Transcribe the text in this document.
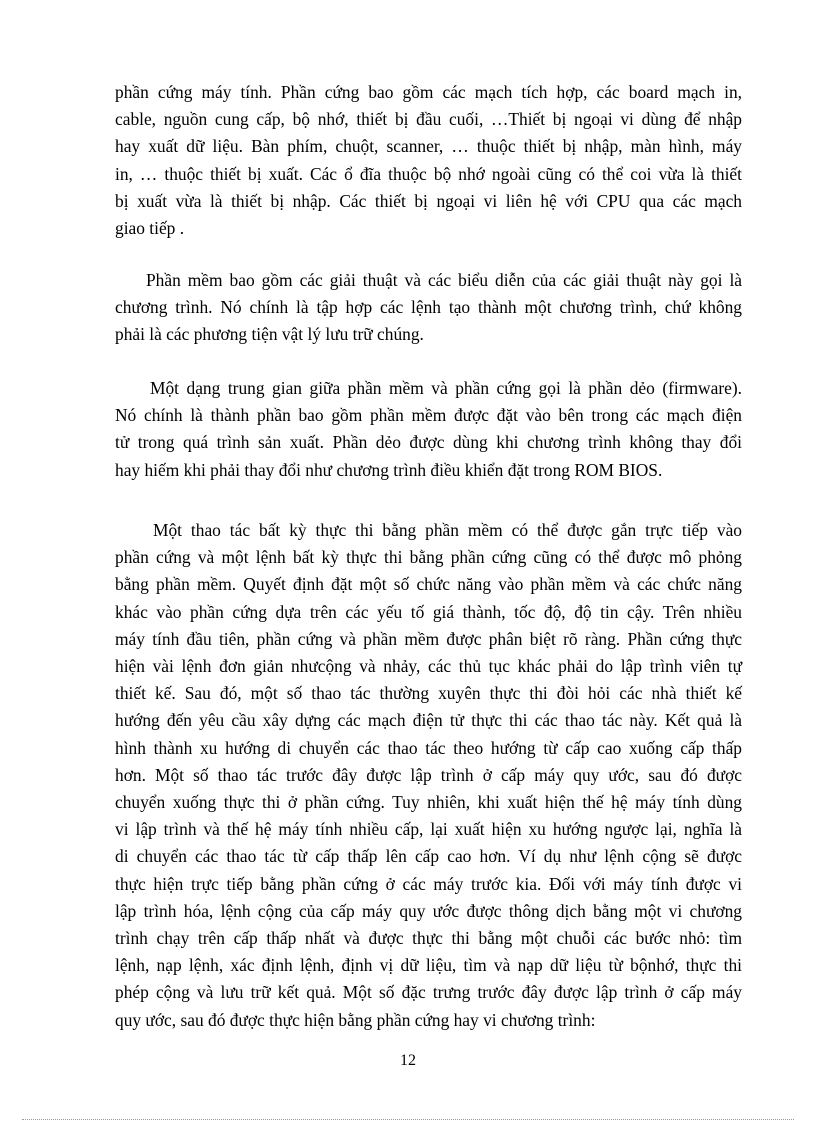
phần cứng máy tính. Phần cứng bao gồm các mạch tích hợp, các board mạch in,
cable, nguồn cung cấp, bộ nhớ, thiết bị đầu cuối, …Thiết bị ngoại vi dùng để nhập
hay xuất dữ liệu. Bàn phím, chuột, scanner, … thuộc thiết bị nhập, màn hình, máy
in, … thuộc thiết bị xuất. Các ổ đĩa thuộc bộ nhớ ngoài cũng có thể coi vừa là thiết
bị xuất vừa là thiết bị nhập. Các thiết bị ngoại vi liên hệ với CPU qua các mạch
giao tiếp .

Phần mềm bao gồm các giải thuật và các biểu diễn của các giải thuật này gọi là
chương trình. Nó chính là tập hợp các lệnh tạo thành một chương trình, chứ không
phải là các phương tiện vật lý lưu trữ chúng.

Một dạng trung gian giữa phần mềm và phần cứng gọi là phần dẻo (firmware).
Nó chính là thành phần bao gồm phần mềm được đặt vào bên trong các mạch điện
tử trong quá trình sản xuất. Phần dẻo được dùng khi chương trình không thay đổi
hay hiếm khi phải thay đổi như chương trình điều khiển đặt trong ROM BIOS.

Một thao tác bất kỳ thực thi bằng phần mềm có thể được gắn trực tiếp vào
phần cứng và một lệnh bất kỳ thực thi bằng phần cứng cũng có thể được mô phỏng
bằng phần mềm. Quyết định đặt một số chức năng vào phần mềm và các chức năng
khác vào phần cứng dựa trên các yếu tố giá thành, tốc độ, độ tin cậy. Trên nhiều
máy tính đầu tiên, phần cứng và phần mềm được phân biệt rõ ràng. Phần cứng thực
hiện vài lệnh đơn giản nhưcộng và nhảy, các thủ tục khác phải do lập trình viên tự
thiết kế. Sau đó, một số thao tác thường xuyên thực thi đòi hỏi các nhà thiết kế
hướng đến yêu cầu xây dựng các mạch điện tử thực thi các thao tác này. Kết quả là
hình thành xu hướng di chuyển các thao tác theo hướng từ cấp cao xuống cấp thấp
hơn. Một số thao tác trước đây được lập trình ở cấp máy quy ước, sau đó được
chuyển xuống thực thi ở phần cứng. Tuy nhiên, khi xuất hiện thế hệ máy tính dùng
vi lập trình và thế hệ máy tính nhiều cấp, lại xuất hiện xu hướng ngược lại, nghĩa là
di chuyển các thao tác từ cấp thấp lên cấp cao hơn. Ví dụ như lệnh cộng sẽ được
thực hiện trực tiếp bằng phần cứng ở các máy trước kia. Đối với máy tính được vi
lập trình hóa, lệnh cộng của cấp máy quy ước được thông dịch bằng một vi chương
trình chạy trên cấp thấp nhất và được thực thi bằng một chuỗi các bước nhỏ: tìm
lệnh, nạp lệnh, xác định lệnh, định vị dữ liệu, tìm và nạp dữ liệu từ bộnhớ, thực thi
phép cộng và lưu trữ kết quả. Một số đặc trưng trước đây được lập trình ở cấp máy
quy ước, sau đó được thực hiện bằng phần cứng hay vi chương trình:

12
